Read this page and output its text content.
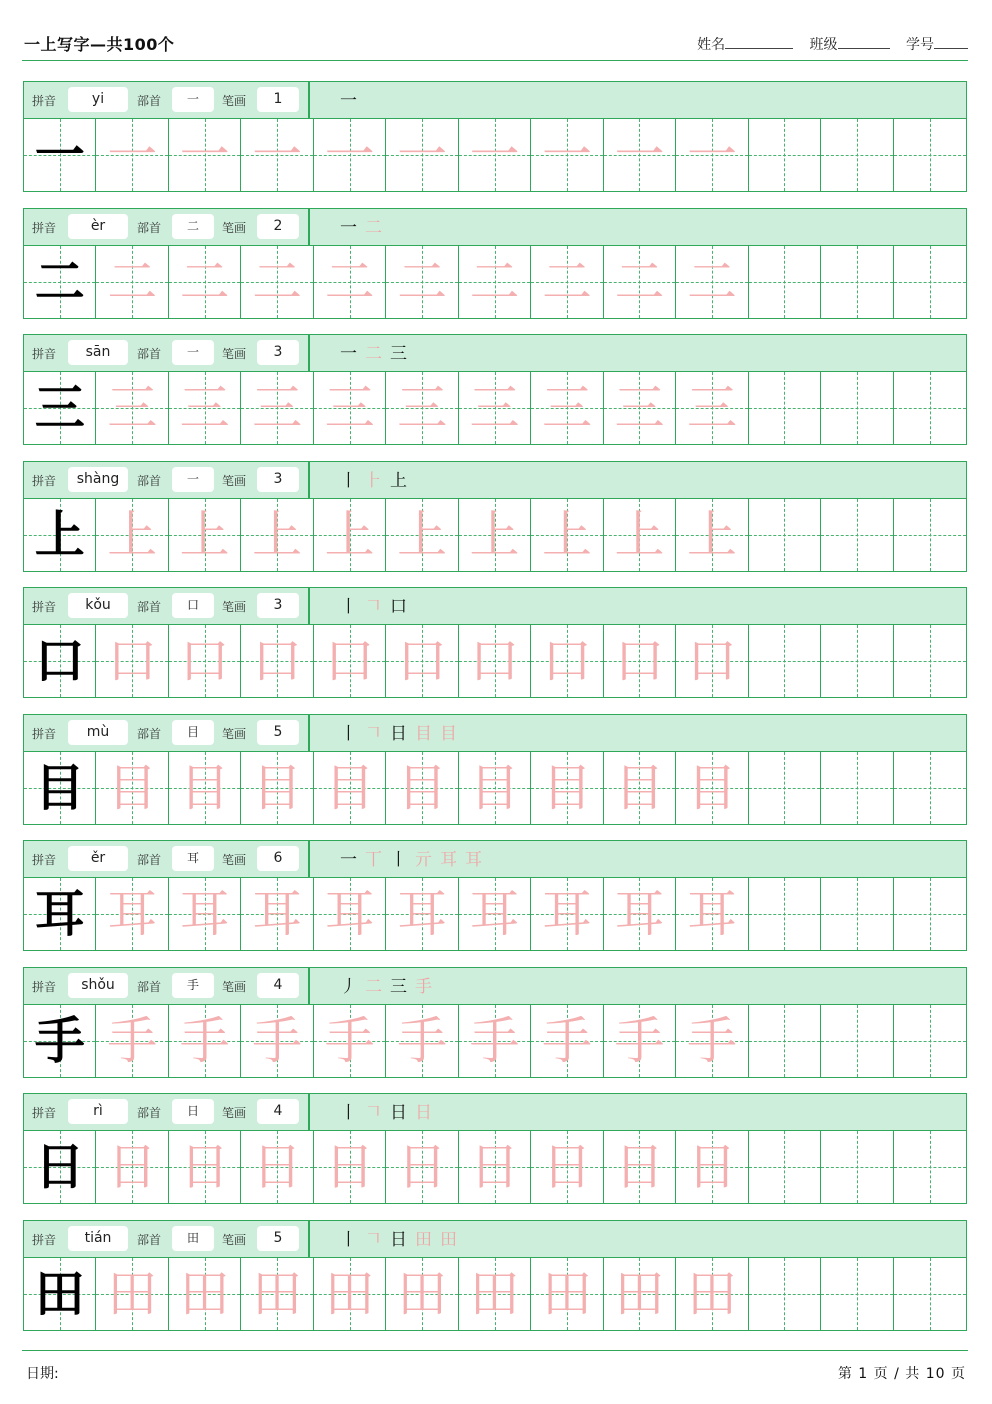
一上写字—共100个	姓名	班级	学号
拼音	yi	部首	一	笔画	1	一
一 一 一 一 一 一 一 一 一 一
拼音	èr	部首	二	笔画	2	一 二
二 二 二 二 二 二 二 二 二 二
拼音	sān	部首	一	笔画	3	一 二 三
三 三 三 三 三 三 三 三 三 三
拼音	shàng	部首	一	笔画	3	丨 ⺊ 上
上 上 上 上 上 上 上 上 上 上
拼音	kǒu	部首	口	笔画	3	丨 𠃍 口
口 口 口 口 口 口 口 口 口 口
拼音	mù	部首	目	笔画	5	丨 𠃍 日 目 目
目 目 目 目 目 目 目 目 目 目
拼音	ěr	部首	耳	笔画	6	一 丅 丨 亓 耳 耳
耳 耳 耳 耳 耳 耳 耳 耳 耳 耳
拼音	shǒu	部首	手	笔画	4	丿 二 三 手
手 手 手 手 手 手 手 手 手 手
拼音	rì	部首	日	笔画	4	丨 𠃍 日 日
日 日 日 日 日 日 日 日 日 日
拼音	tián	部首	田	笔画	5	丨 𠃍 日 田 田
田 田 田 田 田 田 田 田 田 田
日期:	第 1 页 / 共 10 页
